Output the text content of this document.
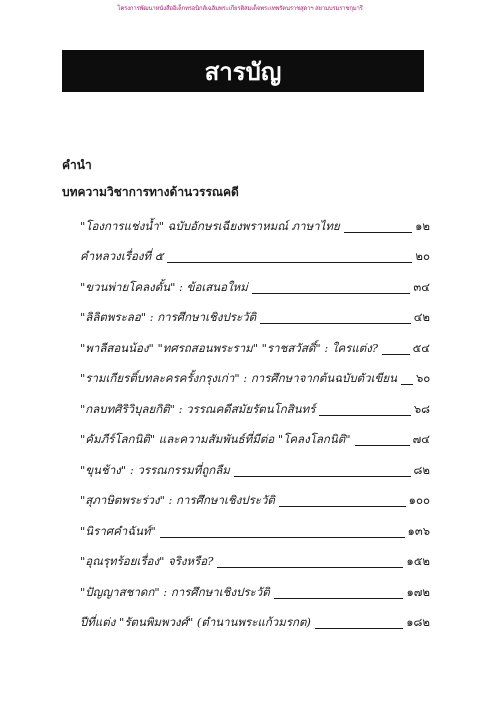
โครงการพัฒนาหนังสืออิเล็กทรอนิกส์เฉลิมพระเกียรติสมเด็จพระเทพรัตนราชสุดาฯ สยามบรมราชกุมารี
สารบัญ
คำนำ
บทความวิชาการทางด้านวรรณคดี
"โองการแช่งน้ำ" ฉบับอักษรเฉียงพราหมณ์ ภาษาไทย	๑๒
คำหลวงเรื่องที่ ๕	๒๐
"ขวนพ่ายโคลงดั้น" : ข้อเสนอใหม่	๓๔
"ลิลิตพระลอ" : การศึกษาเชิงประวัติ	๔๒
"พาลีสอนน้อง" "ทศรถสอนพระราม" "ราชสวัสดิ์" : ใครแต่ง?	๕๔
"รามเกียรติ์บทละครครั้งกรุงเก่า" : การศึกษาจากต้นฉบับตัวเขียน ๖๐
"กลบทศิริวิบุลยกิติ" : วรรณคดีสมัยรัตนโกสินทร์	๖๘
"คัมภีร์โลกนิติ" และความสัมพันธ์ที่มีต่อ "โคลงโลกนิติ"	๗๔
"ขุนช้าง" : วรรณกรรมที่ถูกลืม	๘๒
"สุภาษิตพระร่วง" : การศึกษาเชิงประวัติ	๑๐๐
"นิราศคำฉันท์"	๑๓๖
"อุณรุทร้อยเรื่อง" จริงหรือ?	๑๕๒
"ปัญญาสชาดก" : การศึกษาเชิงประวัติ	๑๗๒
ปีที่แต่ง "รัตนพิมพวงศ์" (ตำนานพระแก้วมรกต)	๑๘๒
